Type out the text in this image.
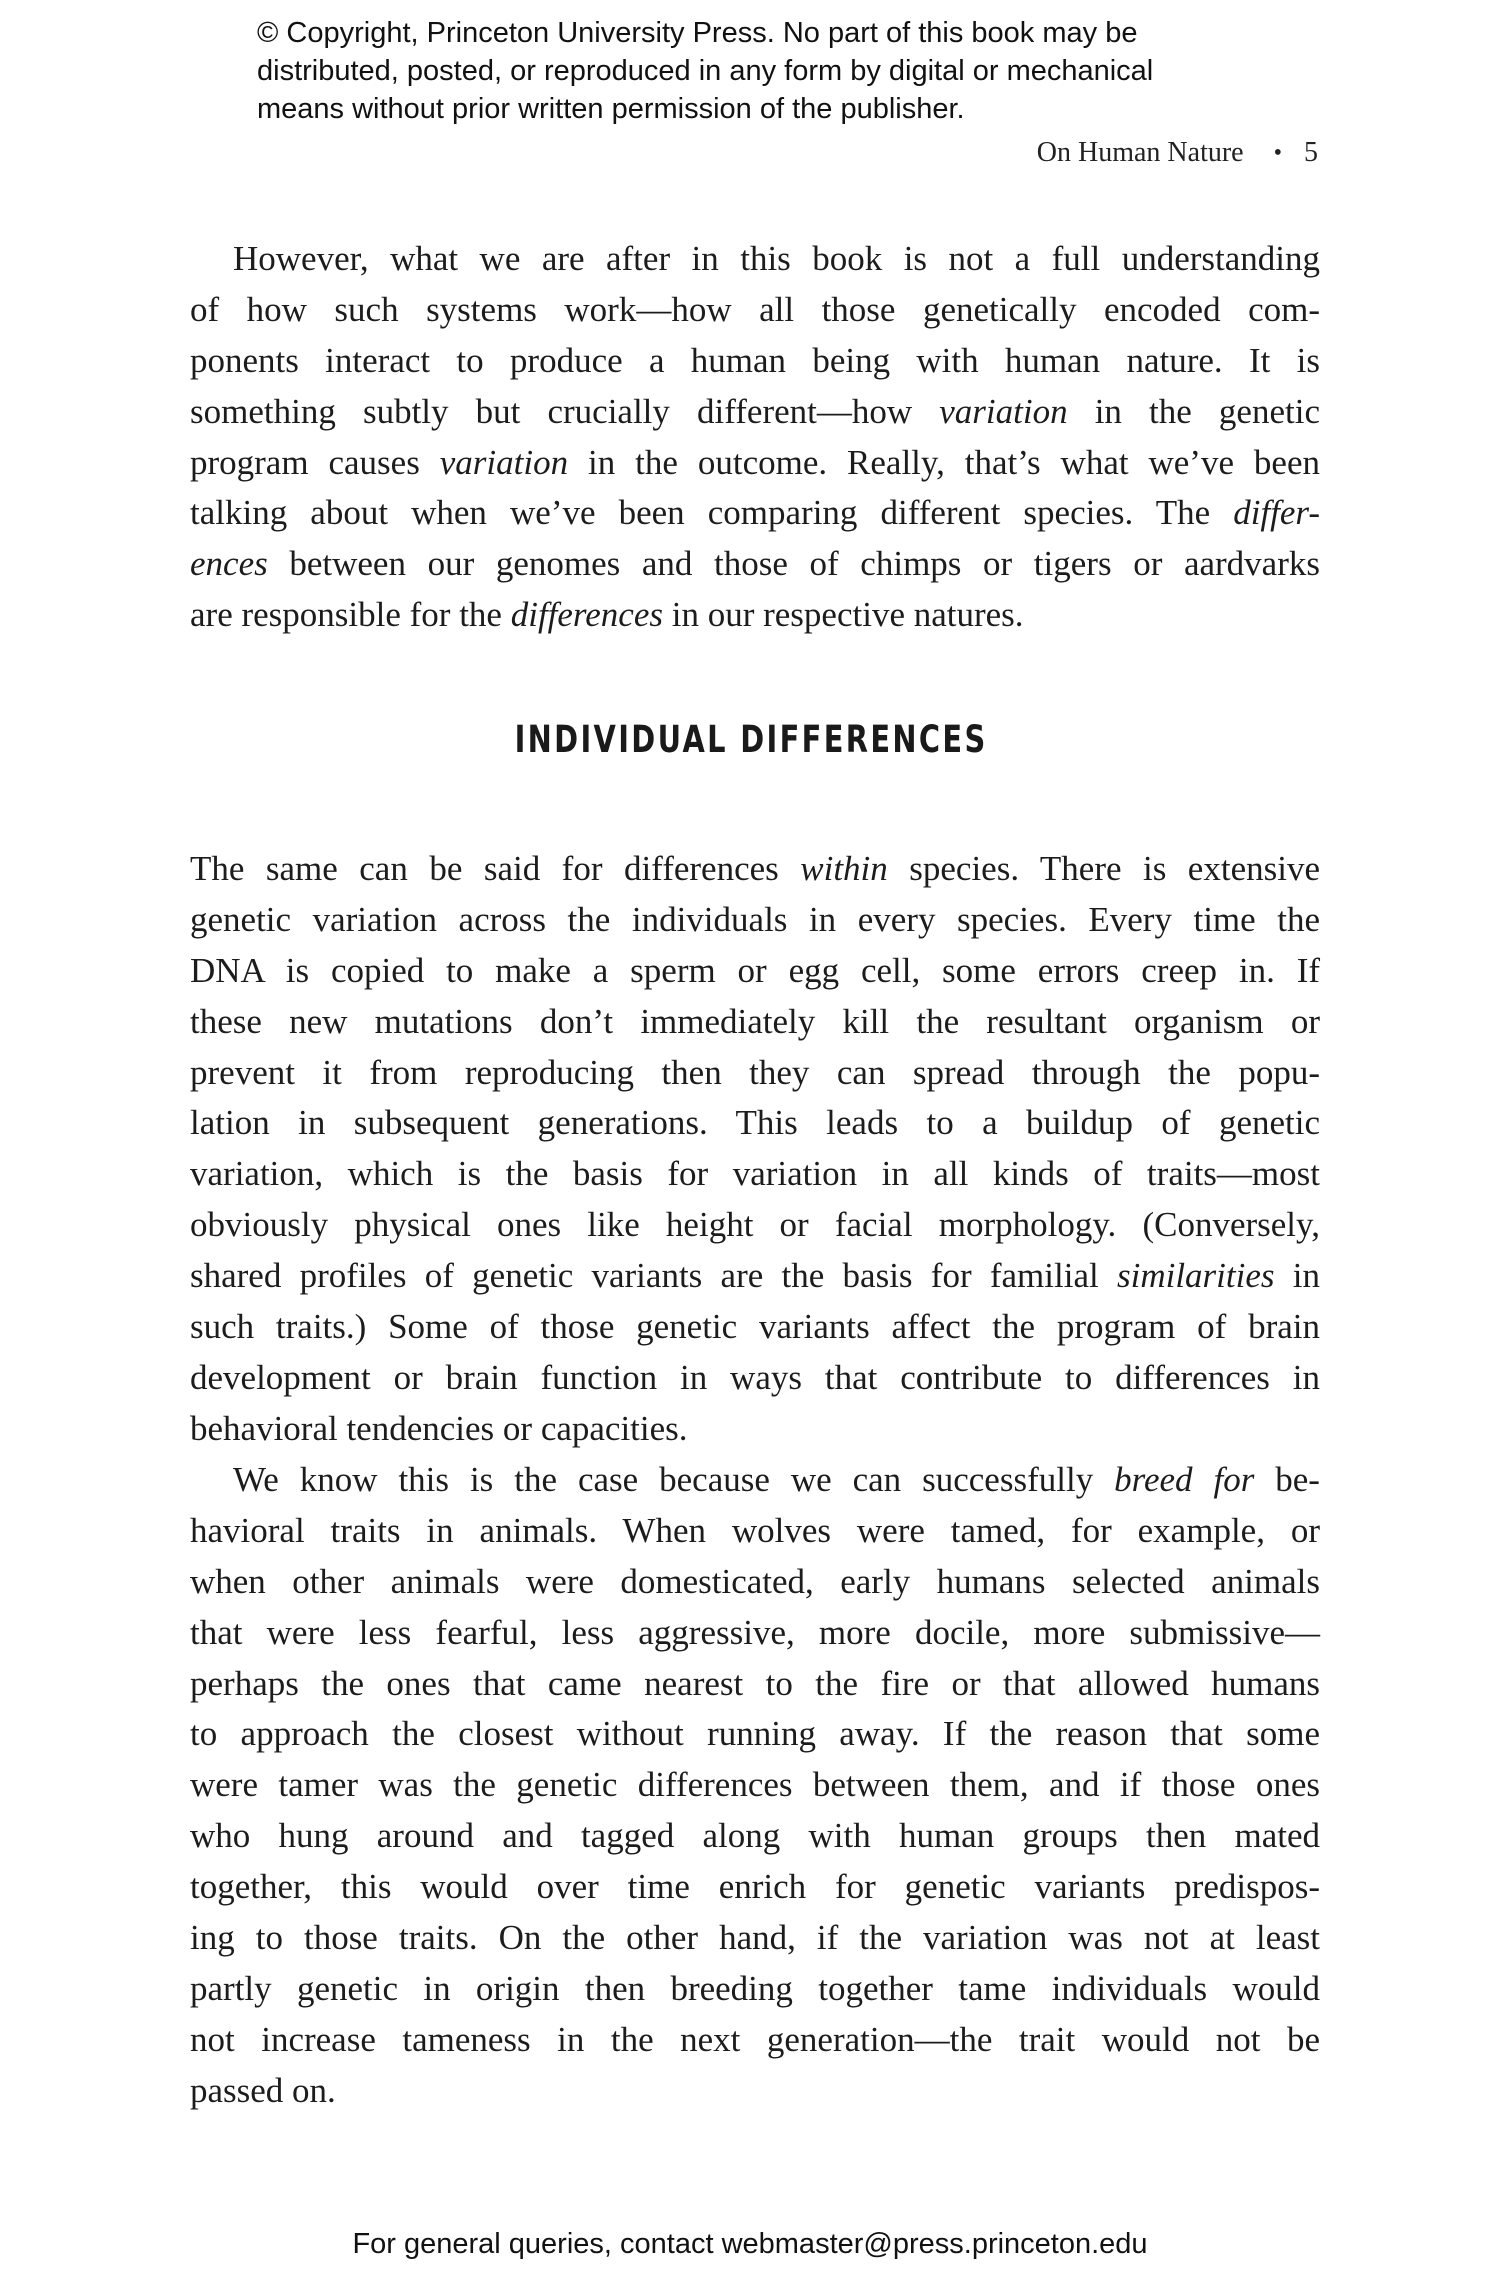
© Copyright, Princeton University Press. No part of this book may be
distributed, posted, or reproduced in any form by digital or mechanical
means without prior written permission of the publisher.
On Human Nature • 5
However, what we are after in this book is not a full understanding
of how such systems work—how all those genetically encoded com-
ponents interact to produce a human being with human nature. It is
something subtly but crucially different—how variation in the genetic
program causes variation in the outcome. Really, that’s what we’ve been
talking about when we’ve been comparing different species. The differ-
ences between our genomes and those of chimps or tigers or aardvarks
are responsible for the differences in our respective natures.
INDIVIDUAL DIFFERENCES
The same can be said for differences within species. There is extensive
genetic variation across the individuals in every species. Every time the
DNA is copied to make a sperm or egg cell, some errors creep in. If
these new mutations don’t immediately kill the resultant organism or
prevent it from reproducing then they can spread through the popu-
lation in subsequent generations. This leads to a buildup of genetic
variation, which is the basis for variation in all kinds of traits—most
obviously physical ones like height or facial morphology. (Conversely,
shared profiles of genetic variants are the basis for familial similarities in
such traits.) Some of those genetic variants affect the program of brain
development or brain function in ways that contribute to differences in
behavioral tendencies or capacities.
We know this is the case because we can successfully breed for be-
havioral traits in animals. When wolves were tamed, for example, or
when other animals were domesticated, early humans selected animals
that were less fearful, less aggressive, more docile, more submissive—
perhaps the ones that came nearest to the fire or that allowed humans
to approach the closest without running away. If the reason that some
were tamer was the genetic differences between them, and if those ones
who hung around and tagged along with human groups then mated
together, this would over time enrich for genetic variants predispos-
ing to those traits. On the other hand, if the variation was not at least
partly genetic in origin then breeding together tame individuals would
not increase tameness in the next generation—the trait would not be
passed on.
For general queries, contact webmaster@press.princeton.edu
